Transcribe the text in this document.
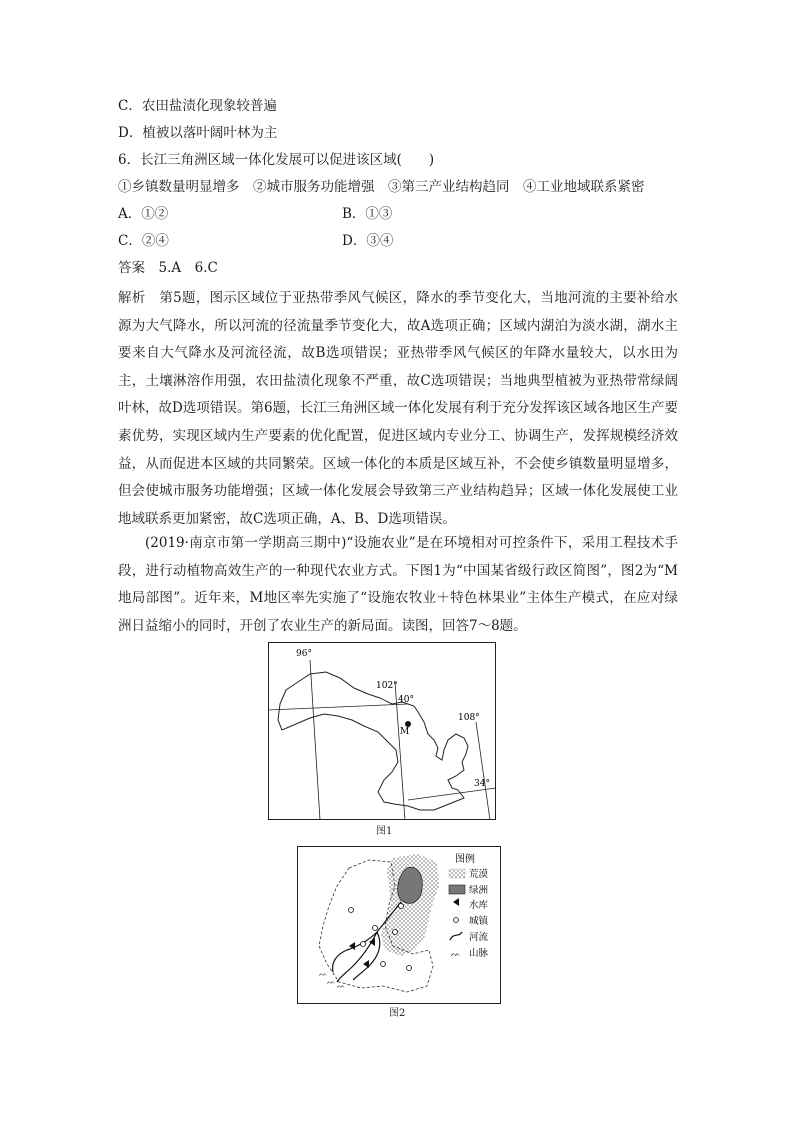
C．农田盐渍化现象较普遍
D．植被以落叶阔叶林为主
6．长江三角洲区域一体化发展可以促进该区域(　　)
①乡镇数量明显增多　②城市服务功能增强　③第三产业结构趋同　④工业地域联系紧密
A．①②	B．①③
C．②④	D．③④
答案　5.A　6.C

解析　第5题，图示区域位于亚热带季风气候区，降水的季节变化大，当地河流的主要补给水源为大气降水，所以河流的径流量季节变化大，故A选项正确；区域内湖泊为淡水湖，湖水主要来自大气降水及河流径流，故B选项错误；亚热带季风气候区的年降水量较大，以水田为主，土壤淋溶作用强，农田盐渍化现象不严重，故C选项错误；当地典型植被为亚热带常绿阔叶林，故D选项错误。第6题，长江三角洲区域一体化发展有利于充分发挥该区域各地区生产要素优势，实现区域内生产要素的优化配置，促进区域内专业分工、协调生产，发挥规模经济效益，从而促进本区域的共同繁荣。区域一体化的本质是区域互补，不会使乡镇数量明显增多，但会使城市服务功能增强；区域一体化发展会导致第三产业结构趋异；区域一体化发展使工业地域联系更加紧密，故C选项正确，A、B、D选项错误。

(2019·南京市第一学期高三期中)“设施农业”是在环境相对可控条件下，采用工程技术手段，进行动植物高效生产的一种现代农业方式。下图1为“中国某省级行政区简图”，图2为“M地局部图”。近年来，M地区率先实施了“设施农牧业＋特色林果业”主体生产模式，在应对绿洲日益缩小的同时，开创了农业生产的新局面。读图，回答7～8题。

96°
102°
40°
108°
34°
M
图1
ᨓ
ᨓ ᨓ
图例
荒漠
绿洲
水库
城镇
河流
ᨓ 山脉
图2
